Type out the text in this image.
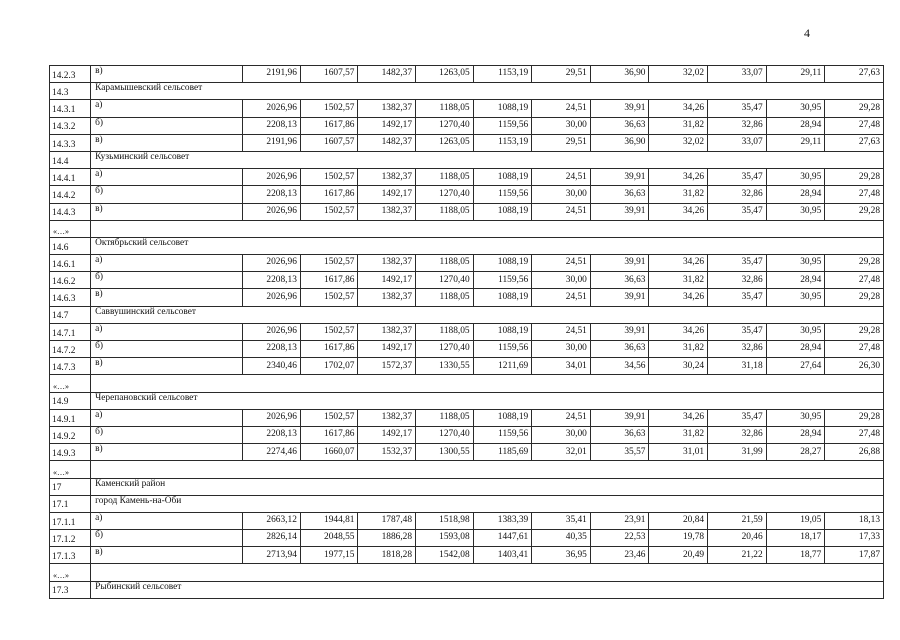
4
14.2.3	в)	2191,96	1607,57	1482,37	1263,05	1153,19	29,51	36,90	32,02	33,07	29,11	27,63
14.3	Карамышевский сельсовет											
14.3.1	а)	2026,96	1502,57	1382,37	1188,05	1088,19	24,51	39,91	34,26	35,47	30,95	29,28
14.3.2	б)	2208,13	1617,86	1492,17	1270,40	1159,56	30,00	36,63	31,82	32,86	28,94	27,48
14.3.3	в)	2191,96	1607,57	1482,37	1263,05	1153,19	29,51	36,90	32,02	33,07	29,11	27,63
14.4	Кузьминский сельсовет											
14.4.1	а)	2026,96	1502,57	1382,37	1188,05	1088,19	24,51	39,91	34,26	35,47	30,95	29,28
14.4.2	б)	2208,13	1617,86	1492,17	1270,40	1159,56	30,00	36,63	31,82	32,86	28,94	27,48
14.4.3	в)	2026,96	1502,57	1382,37	1188,05	1088,19	24,51	39,91	34,26	35,47	30,95	29,28
«…»												
14.6	Октябрьский сельсовет											
14.6.1	а)	2026,96	1502,57	1382,37	1188,05	1088,19	24,51	39,91	34,26	35,47	30,95	29,28
14.6.2	б)	2208,13	1617,86	1492,17	1270,40	1159,56	30,00	36,63	31,82	32,86	28,94	27,48
14.6.3	в)	2026,96	1502,57	1382,37	1188,05	1088,19	24,51	39,91	34,26	35,47	30,95	29,28
14.7	Саввушинский сельсовет											
14.7.1	а)	2026,96	1502,57	1382,37	1188,05	1088,19	24,51	39,91	34,26	35,47	30,95	29,28
14.7.2	б)	2208,13	1617,86	1492,17	1270,40	1159,56	30,00	36,63	31,82	32,86	28,94	27,48
14.7.3	в)	2340,46	1702,07	1572,37	1330,55	1211,69	34,01	34,56	30,24	31,18	27,64	26,30
«…»												
14.9	Черепановский сельсовет											
14.9.1	а)	2026,96	1502,57	1382,37	1188,05	1088,19	24,51	39,91	34,26	35,47	30,95	29,28
14.9.2	б)	2208,13	1617,86	1492,17	1270,40	1159,56	30,00	36,63	31,82	32,86	28,94	27,48
14.9.3	в)	2274,46	1660,07	1532,37	1300,55	1185,69	32,01	35,57	31,01	31,99	28,27	26,88
«…»												
17	Каменский район											
17.1	город Камень-на-Оби											
17.1.1	а)	2663,12	1944,81	1787,48	1518,98	1383,39	35,41	23,91	20,84	21,59	19,05	18,13
17.1.2	б)	2826,14	2048,55	1886,28	1593,08	1447,61	40,35	22,53	19,78	20,46	18,17	17,33
17.1.3	в)	2713,94	1977,15	1818,28	1542,08	1403,41	36,95	23,46	20,49	21,22	18,77	17,87
«…»												
17.3	Рыбинский сельсовет											
